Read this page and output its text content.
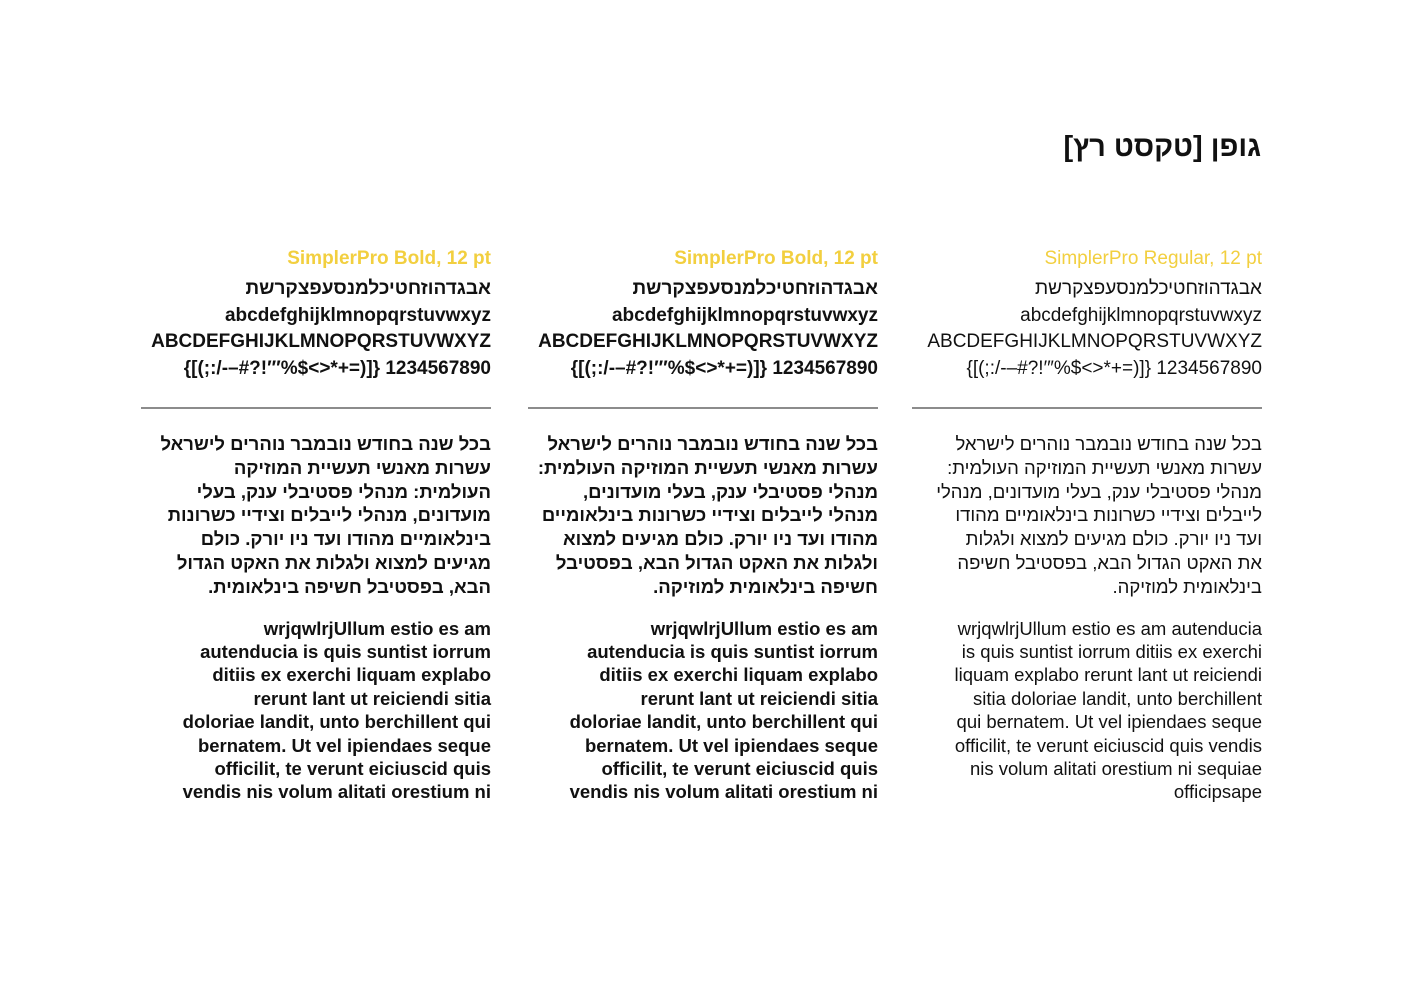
גופן [טקסט רץ]
SimplerPro Regular, 12 pt
אבגדהוזחטיכלמנסעפצקרשת
abcdefghijklmnopqrstuvwxyz
ABCDEFGHIJKLMNOPQRSTUVWXYZ
{[(;:/-–#?!′″%$<>*+=)]} 1234567890
בכל שנה בחודש נובמבר נוהרים לישראל
עשרות מאנשי תעשיית המוזיקה העולמית:
מנהלי פסטיבלי ענק, בעלי מועדונים, מנהלי
לייבלים וצידיי כשרונות בינלאומיים מהודו
ועד ניו יורק. כולם מגיעים למצוא ולגלות
את האקט הגדול הבא, בפסטיבל חשיפה
בינלאומית למוזיקה.
wrjqwlrjUllum estio es am autenducia
is quis suntist iorrum ditiis ex exerchi
liquam explabo rerunt lant ut reiciendi
sitia doloriae landit, unto berchillent
qui bernatem. Ut vel ipiendaes seque
officilit, te verunt eiciuscid quis vendis
nis volum alitati orestium ni sequiae
officipsape
SimplerPro Bold, 12 pt
אבגדהוזחטיכלמנסעפצקרשת
abcdefghijklmnopqrstuvwxyz
ABCDEFGHIJKLMNOPQRSTUVWXYZ
{[(;:/-–#?!′″%$<>*+=)]} 1234567890
בכל שנה בחודש נובמבר נוהרים לישראל
עשרות מאנשי תעשיית המוזיקה העולמית:
מנהלי פסטיבלי ענק, בעלי מועדונים,
מנהלי לייבלים וצידיי כשרונות בינלאומיים
מהודו ועד ניו יורק. כולם מגיעים למצוא
ולגלות את האקט הגדול הבא, בפסטיבל
חשיפה בינלאומית למוזיקה.
wrjqwlrjUllum estio es am
autenducia is quis suntist iorrum
ditiis ex exerchi liquam explabo
rerunt lant ut reiciendi sitia
doloriae landit, unto berchillent qui
bernatem. Ut vel ipiendaes seque
officilit, te verunt eiciuscid quis
vendis nis volum alitati orestium ni
SimplerPro Bold, 12 pt
אבגדהוזחטיכלמנסעפצקרשת
abcdefghijklmnopqrstuvwxyz
ABCDEFGHIJKLMNOPQRSTUVWXYZ
{[(;:/-–#?!′″%$<>*+=)]} 1234567890
בכל שנה בחודש נובמבר נוהרים לישראל
עשרות מאנשי תעשיית המוזיקה
העולמית: מנהלי פסטיבלי ענק, בעלי
מועדונים, מנהלי לייבלים וצידיי כשרונות
בינלאומיים מהודו ועד ניו יורק. כולם
מגיעים למצוא ולגלות את האקט הגדול
הבא, בפסטיבל חשיפה בינלאומית.
wrjqwlrjUllum estio es am
autenducia is quis suntist iorrum
ditiis ex exerchi liquam explabo
rerunt lant ut reiciendi sitia
doloriae landit, unto berchillent qui
bernatem. Ut vel ipiendaes seque
officilit, te verunt eiciuscid quis
vendis nis volum alitati orestium ni
